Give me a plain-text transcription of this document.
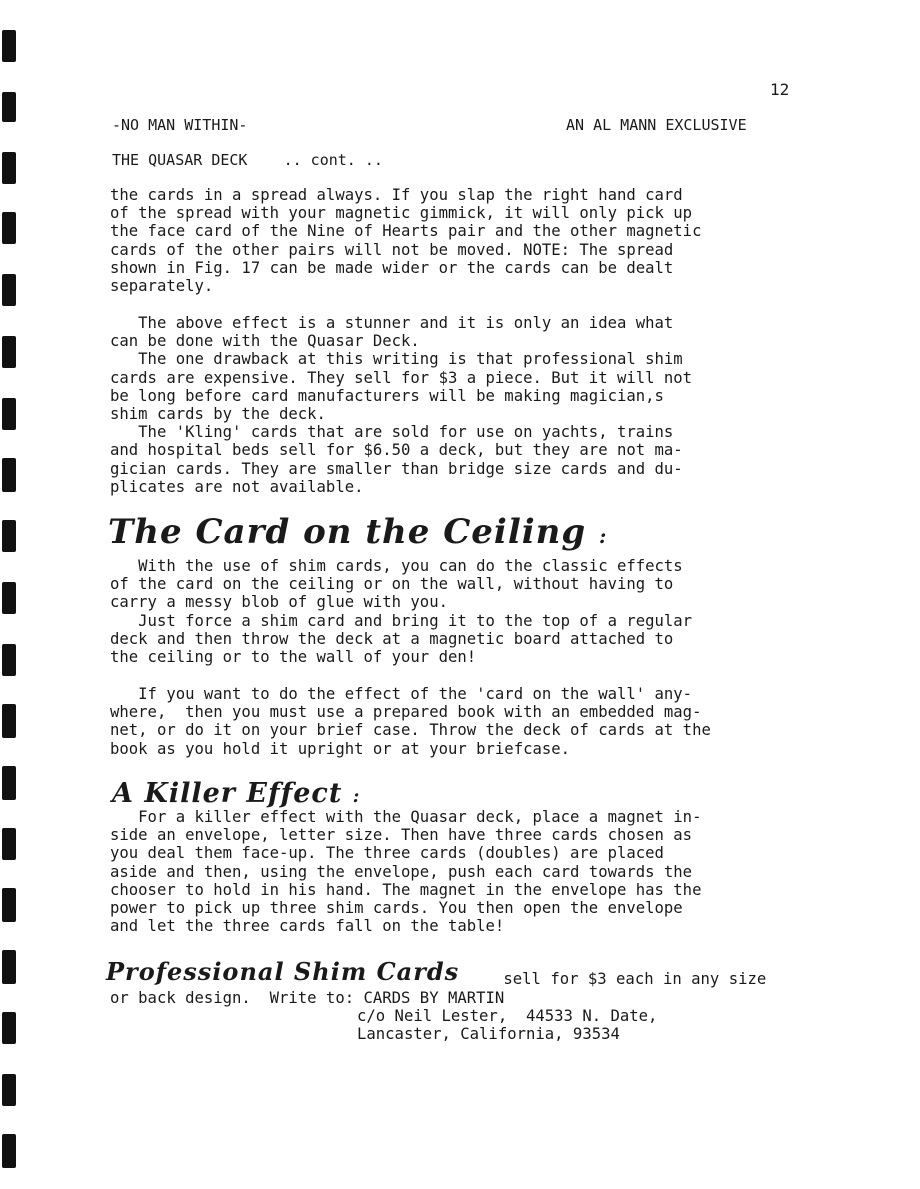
12
-NO MAN WITHIN-	AN AL MANN EXCLUSIVE
THE QUASAR DECK .. cont. ..
the cards in a spread always. If you slap the right hand card
of the spread with your magnetic gimmick, it will only pick up
the face card of the Nine of Hearts pair and the other magnetic
cards of the other pairs will not be moved. NOTE: The spread
shown in Fig. 17 can be made wider or the cards can be dealt
separately.
The above effect is a stunner and it is only an idea what
can be done with the Quasar Deck.
The one drawback at this writing is that professional shim
cards are expensive. They sell for $3 a piece. But it will not
be long before card manufacturers will be making magician,s
shim cards by the deck.
The 'Kling' cards that are sold for use on yachts, trains
and hospital beds sell for $6.50 a deck, but they are not ma-
gician cards. They are smaller than bridge size cards and du-
plicates are not available.
The Card on the Ceiling :
With the use of shim cards, you can do the classic effects
of the card on the ceiling or on the wall, without having to
carry a messy blob of glue with you.
Just force a shim card and bring it to the top of a regular
deck and then throw the deck at a magnetic board attached to
the ceiling or to the wall of your den!
If you want to do the effect of the 'card on the wall' any-
where,  then you must use a prepared book with an embedded mag-
net, or do it on your brief case. Throw the deck of cards at the
book as you hold it upright or at your briefcase.
A Killer Effect :
For a killer effect with the Quasar deck, place a magnet in-
side an envelope, letter size. Then have three cards chosen as
you deal them face-up. The three cards (doubles) are placed
aside and then, using the envelope, push each card towards the
chooser to hold in his hand. The magnet in the envelope has the
power to pick up three shim cards. You then open the envelope
and let the three cards fall on the table!
Professional Shim Cards sell for $3 each in any size
or back design.  Write to: CARDS BY MARTIN
c/o Neil Lester,  44533 N. Date,
Lancaster, California, 93534
